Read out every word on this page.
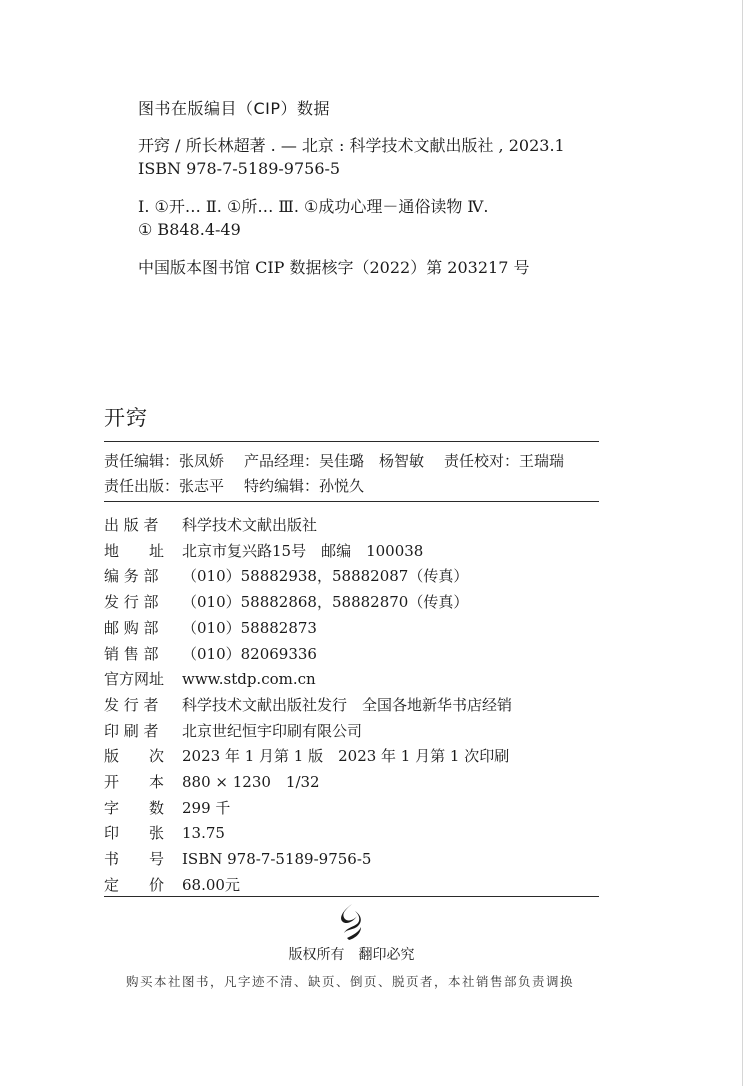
图书在版编目（CIP）数据
开窍 / 所长林超著 . — 北京 : 科学技术文献出版社 , 2023.1
ISBN 978-7-5189-9756-5
Ⅰ. ①开… Ⅱ. ①所… Ⅲ. ①成功心理－通俗读物 Ⅳ.
① B848.4-49
中国版本图书馆 CIP 数据核字（2022）第 203217 号
开窍
责任编辑：张凤娇 产品经理：吴佳璐　杨智敏 责任校对：王瑞瑞
责任出版：张志平 特约编辑：孙悦久
出 版 者	科学技术文献出版社
地　　址	北京市复兴路15号　邮编　100038
编 务 部	（010）58882938，58882087（传真）
发 行 部	（010）58882868，58882870（传真）
邮 购 部	（010）58882873
销 售 部	（010）82069336
官方网址	www.stdp.com.cn
发 行 者	科学技术文献出版社发行　全国各地新华书店经销
印 刷 者	北京世纪恒宇印刷有限公司
版　　次	2023 年 1 月第 1 版　2023 年 1 月第 1 次印刷
开　　本	880 × 1230　1/32
字　　数	299 千
印　　张	13.75
书　　号	ISBN 978-7-5189-9756-5
定　　价	68.00元
版权所有　翻印必究
购买本社图书，凡字迹不清、缺页、倒页、脱页者，本社销售部负责调换
